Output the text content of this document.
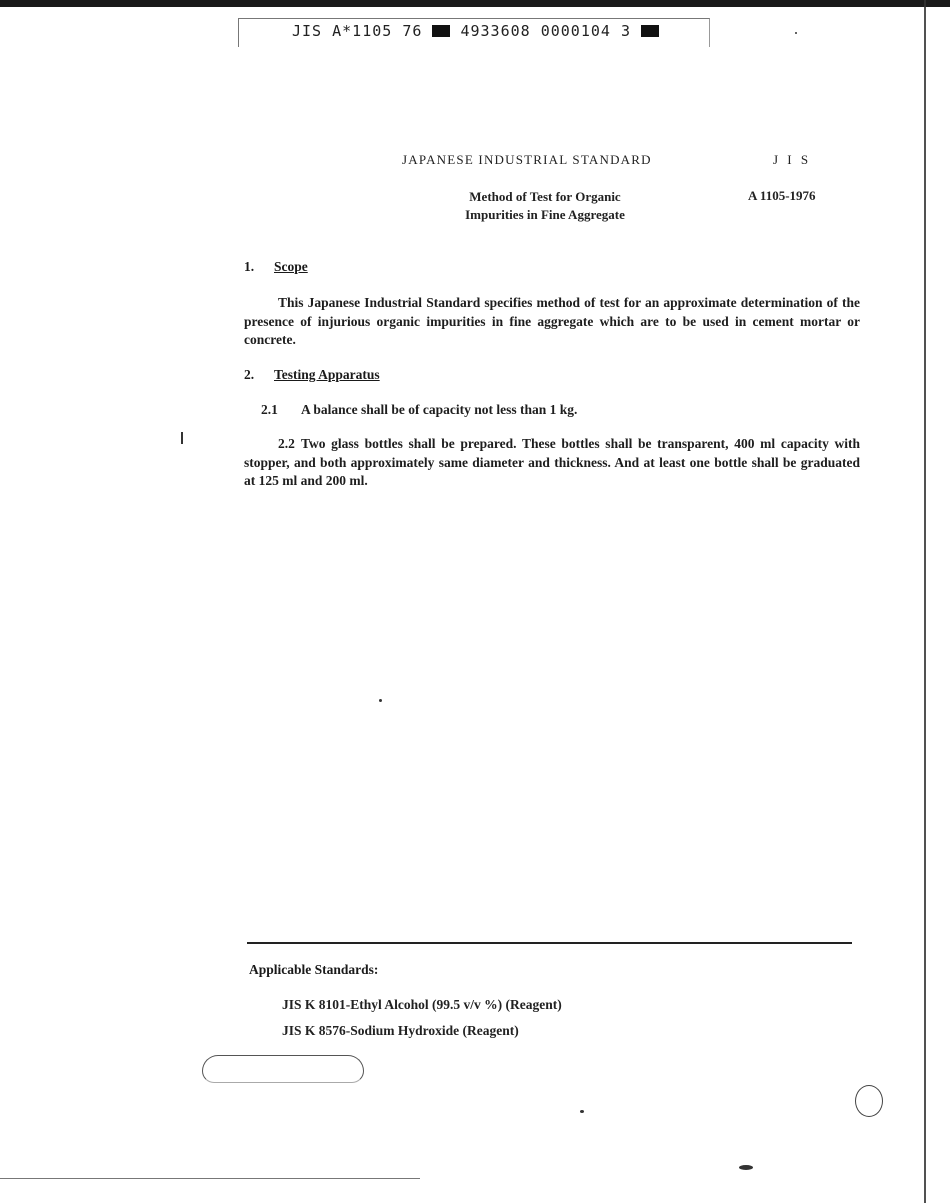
JIS A*1105 76	4933608 0000104 3
JAPANESE INDUSTRIAL STANDARD	J I S
Method of Test for Organic
Impurities in Fine Aggregate
A 1105-1976
1. Scope
This Japanese Industrial Standard specifies method of test for an approximate determination of the presence of injurious organic impurities in fine aggregate which are to be used in cement mortar or concrete.
2. Testing Apparatus
2.1 A balance shall be of capacity not less than 1 kg.
2.2 Two glass bottles shall be prepared. These bottles shall be transparent, 400 ml capacity with stopper, and both approximately same diameter and thickness. And at least one bottle shall be graduated at 125 ml and 200 ml.
Applicable Standards:
JIS K 8101-Ethyl Alcohol (99.5 v/v %) (Reagent)
JIS K 8576-Sodium Hydroxide (Reagent)
